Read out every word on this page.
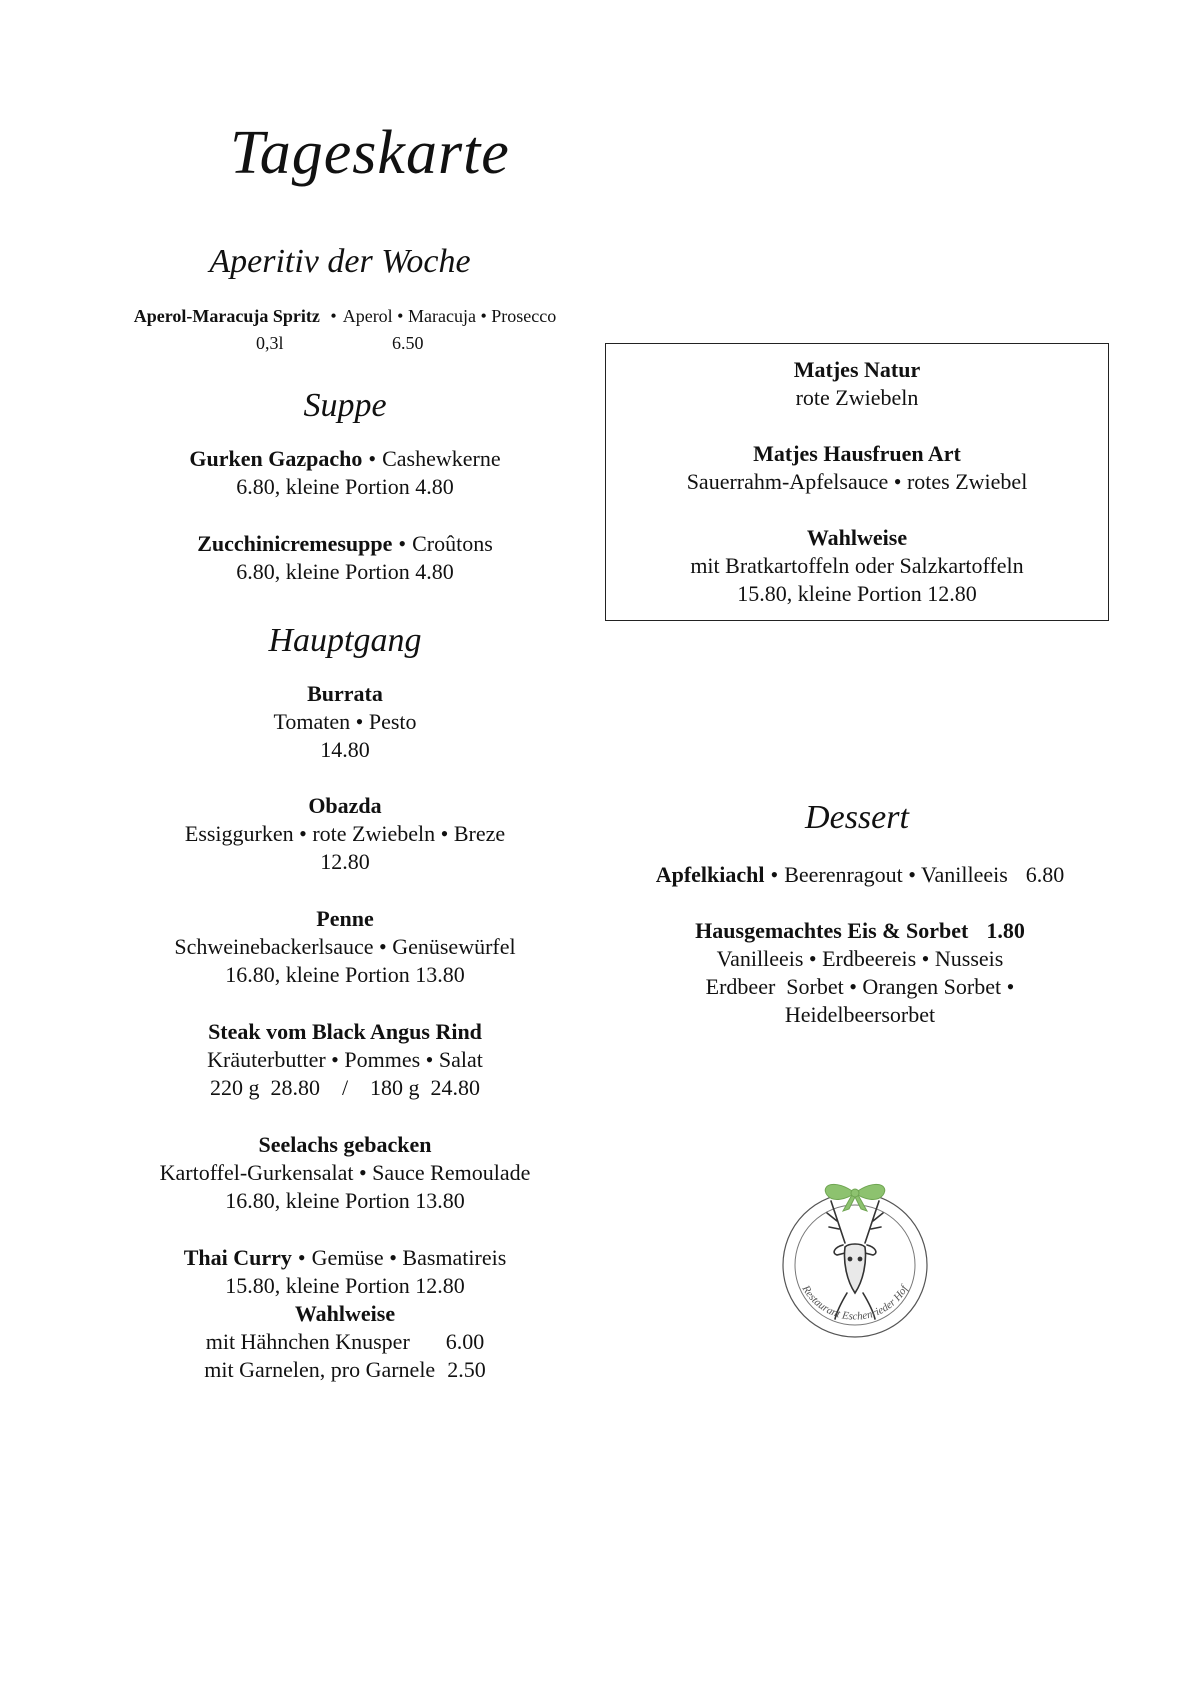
Tageskarte
Aperitiv der Woche
Aperol-Maracuja Spritz • Aperol • Maracuja • Prosecco
0,3l	6.50
Suppe
Gurken Gazpacho • Cashewkerne
6.80, kleine Portion 4.80
Zucchinicremesuppe • Croûtons
6.80, kleine Portion 4.80
Hauptgang
Burrata
Tomaten • Pesto
14.80
Obazda
Essiggurken • rote Zwiebeln • Breze
12.80
Penne
Schweinebackerlsauce • Genüsewürfel
16.80, kleine Portion 13.80
Steak vom Black Angus Rind
Kräuterbutter • Pommes • Salat
220 g  28.80    /    180 g  24.80
Seelachs gebacken
Kartoffel-Gurkensalat • Sauce Remoulade
16.80, kleine Portion 13.80
Thai Curry • Gemüse • Basmatireis
15.80, kleine Portion 12.80
Wahlweise
mit Hähnchen Knusper 6.00
mit Garnelen, pro Garnele 2.50
Matjes Natur
rote Zwiebeln
Matjes Hausfruen Art
Sauerrahm-Apfelsauce • rotes Zwiebel
Wahlweise
mit Bratkartoffeln oder Salzkartoffeln
15.80, kleine Portion 12.80
Dessert
Apfelkiachl • Beerenragout • Vanilleeis 6.80
Hausgemachtes Eis & Sorbet 1.80
Vanilleeis • Erdbeereis • Nusseis
Erdbeer  Sorbet • Orangen Sorbet •
Heidelbeersorbet
Restaurant Eschenrieder Hof
